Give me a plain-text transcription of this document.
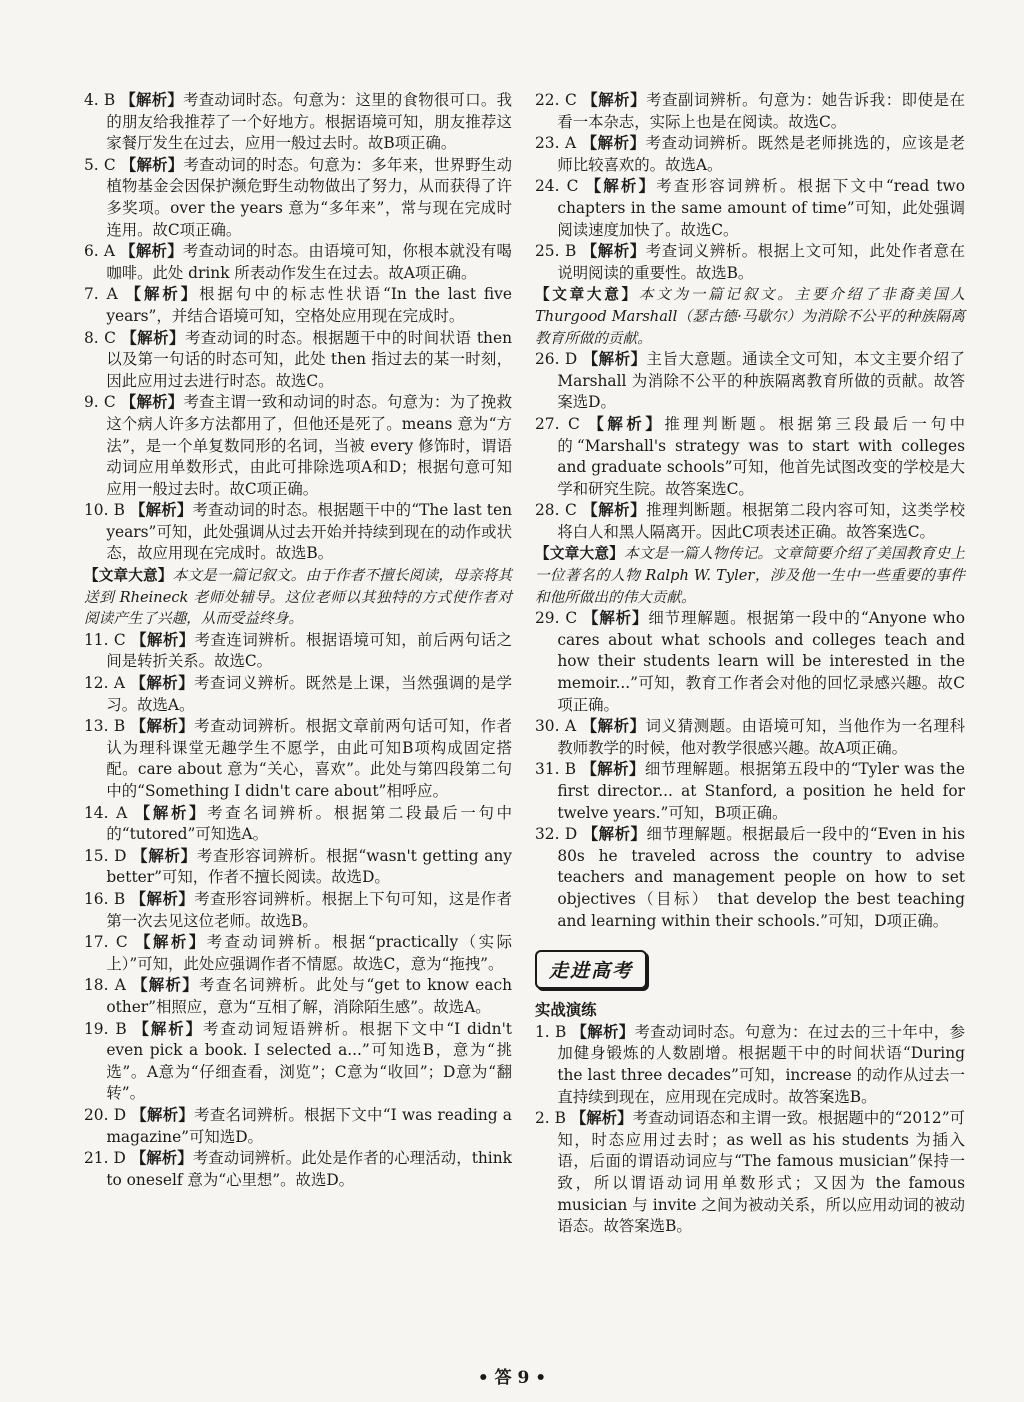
4. B 【解析】考查动词时态。句意为：这里的食物很可口。我的朋友给我推荐了一个好地方。根据语境可知，朋友推荐这家餐厅发生在过去，应用一般过去时。故B项正确。

5. C 【解析】考查动词的时态。句意为：多年来，世界野生动植物基金会因保护濒危野生动物做出了努力，从而获得了许多奖项。over the years 意为“多年来”，常与现在完成时连用。故C项正确。

6. A 【解析】考查动词的时态。由语境可知，你根本就没有喝咖啡。此处 drink 所表动作发生在过去。故A项正确。

7. A 【解析】根据句中的标志性状语“In the last five years”，并结合语境可知，空格处应用现在完成时。

8. C 【解析】考查动词的时态。根据题干中的时间状语 then 以及第一句话的时态可知，此处 then 指过去的某一时刻，因此应用过去进行时态。故选C。

9. C 【解析】考查主谓一致和动词的时态。句意为：为了挽救这个病人许多方法都用了，但他还是死了。means 意为“方法”，是一个单复数同形的名词，当被 every 修饰时，谓语动词应用单数形式，由此可排除选项A和D；根据句意可知应用一般过去时。故C项正确。

10. B 【解析】考查动词的时态。根据题干中的“The last ten years”可知，此处强调从过去开始并持续到现在的动作或状态，故应用现在完成时。故选B。

【文章大意】本文是一篇记叙文。由于作者不擅长阅读，母亲将其送到 Rheineck 老师处辅导。这位老师以其独特的方式使作者对阅读产生了兴趣，从而受益终身。

11. C 【解析】考查连词辨析。根据语境可知，前后两句话之间是转折关系。故选C。

12. A 【解析】考查词义辨析。既然是上课，当然强调的是学习。故选A。

13. B 【解析】考查动词辨析。根据文章前两句话可知，作者认为理科课堂无趣学生不愿学，由此可知B项构成固定搭配。care about 意为“关心，喜欢”。此处与第四段第二句中的“Something I didn't care about”相呼应。

14. A 【解析】考查名词辨析。根据第二段最后一句中的“tutored”可知选A。

15. D 【解析】考查形容词辨析。根据“wasn't getting any better”可知，作者不擅长阅读。故选D。

16. B 【解析】考查形容词辨析。根据上下句可知，这是作者第一次去见这位老师。故选B。

17. C 【解析】考查动词辨析。根据“practically（实际上）”可知，此处应强调作者不情愿。故选C，意为“拖拽”。

18. A 【解析】考查名词辨析。此处与“get to know each other”相照应，意为“互相了解，消除陌生感”。故选A。

19. B 【解析】考查动词短语辨析。根据下文中“I didn't even pick a book. I selected a...”可知选B，意为“挑选”。A意为“仔细查看，浏览”；C意为“收回”；D意为“翻转”。

20. D 【解析】考查名词辨析。根据下文中“I was reading a magazine”可知选D。

21. D 【解析】考查动词辨析。此处是作者的心理活动，think to oneself 意为“心里想”。故选D。

22. C 【解析】考查副词辨析。句意为：她告诉我：即使是在看一本杂志，实际上也是在阅读。故选C。

23. A 【解析】考查动词辨析。既然是老师挑选的，应该是老师比较喜欢的。故选A。

24. C 【解析】考查形容词辨析。根据下文中“read two chapters in the same amount of time”可知，此处强调阅读速度加快了。故选C。

25. B 【解析】考查词义辨析。根据上文可知，此处作者意在说明阅读的重要性。故选B。

【文章大意】本文为一篇记叙文。主要介绍了非裔美国人 Thurgood Marshall（瑟古德·马歇尔）为消除不公平的种族隔离教育所做的贡献。

26. D 【解析】主旨大意题。通读全文可知，本文主要介绍了 Marshall 为消除不公平的种族隔离教育所做的贡献。故答案选D。

27. C 【解析】推理判断题。根据第三段最后一句中的“Marshall's strategy was to start with colleges and graduate schools”可知，他首先试图改变的学校是大学和研究生院。故答案选C。

28. C 【解析】推理判断题。根据第二段内容可知，这类学校将白人和黑人隔离开。因此C项表述正确。故答案选C。

【文章大意】本文是一篇人物传记。文章简要介绍了美国教育史上一位著名的人物 Ralph W. Tyler，涉及他一生中一些重要的事件和他所做出的伟大贡献。

29. C 【解析】细节理解题。根据第一段中的“Anyone who cares about what schools and colleges teach and how their students learn will be interested in the memoir...”可知，教育工作者会对他的回忆录感兴趣。故C项正确。

30. A 【解析】词义猜测题。由语境可知，当他作为一名理科教师教学的时候，他对教学很感兴趣。故A项正确。

31. B 【解析】细节理解题。根据第五段中的“Tyler was the first director... at Stanford, a position he held for twelve years.”可知，B项正确。

32. D 【解析】细节理解题。根据最后一段中的“Even in his 80s he traveled across the country to advise teachers and management people on how to set objectives（目标） that develop the best teaching and learning within their schools.”可知，D项正确。

走进高考

实战演练

1. B 【解析】考查动词时态。句意为：在过去的三十年中，参加健身锻炼的人数剧增。根据题干中的时间状语“During the last three decades”可知，increase 的动作从过去一直持续到现在，应用现在完成时。故答案选B。

2. B 【解析】考查动词语态和主谓一致。根据题中的“2012”可知，时态应用过去时；as well as his students 为插入语，后面的谓语动词应与“The famous musician”保持一致，所以谓语动词用单数形式；又因为 the famous musician 与 invite 之间为被动关系，所以应用动词的被动语态。故答案选B。

• 答 9 •
